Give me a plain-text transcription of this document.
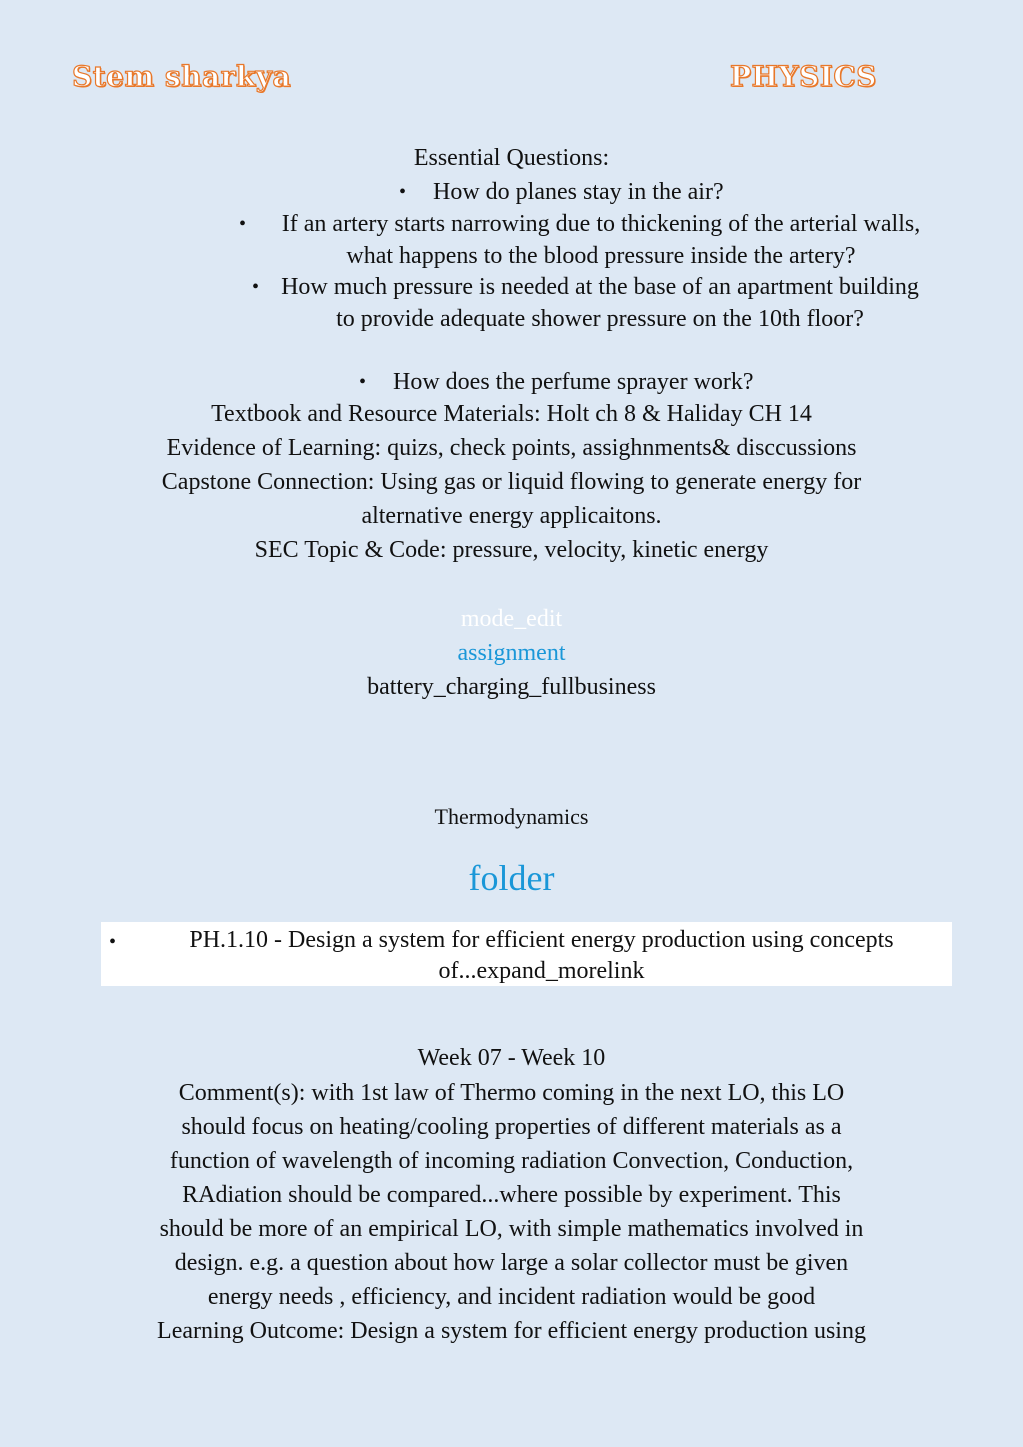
Stem sharkya	PHYSICS
Essential Questions:
• How do planes stay in the air?
•	If an artery starts narrowing due to thickening of the arterial walls, what happens to the blood pressure inside the artery?
• How much pressure is needed at the base of an apartment building to provide adequate shower pressure on the 10th floor?
• How does the perfume sprayer work?
Textbook and Resource Materials: Holt ch 8 & Haliday CH 14
Evidence of Learning: quizs, check points, assighnments& disccussions
Capstone Connection: Using gas or liquid flowing to generate energy for
alternative energy applicaitons.
SEC Topic & Code: pressure, velocity, kinetic energy
mode_edit
assignment
battery_charging_fullbusiness
Thermodynamics
folder
•	PH.1.10 - Design a system for efficient energy production using concepts
of...expand_morelink
Week 07 - Week 10
Comment(s): with 1st law of Thermo coming in the next LO, this LO
should focus on heating/cooling properties of different materials as a
function of wavelength of incoming radiation Convection, Conduction,
RAdiation should be compared...where possible by experiment. This
should be more of an empirical LO, with simple mathematics involved in
design. e.g. a question about how large a solar collector must be given
energy needs , efficiency, and incident radiation would be good
Learning Outcome: Design a system for efficient energy production using
